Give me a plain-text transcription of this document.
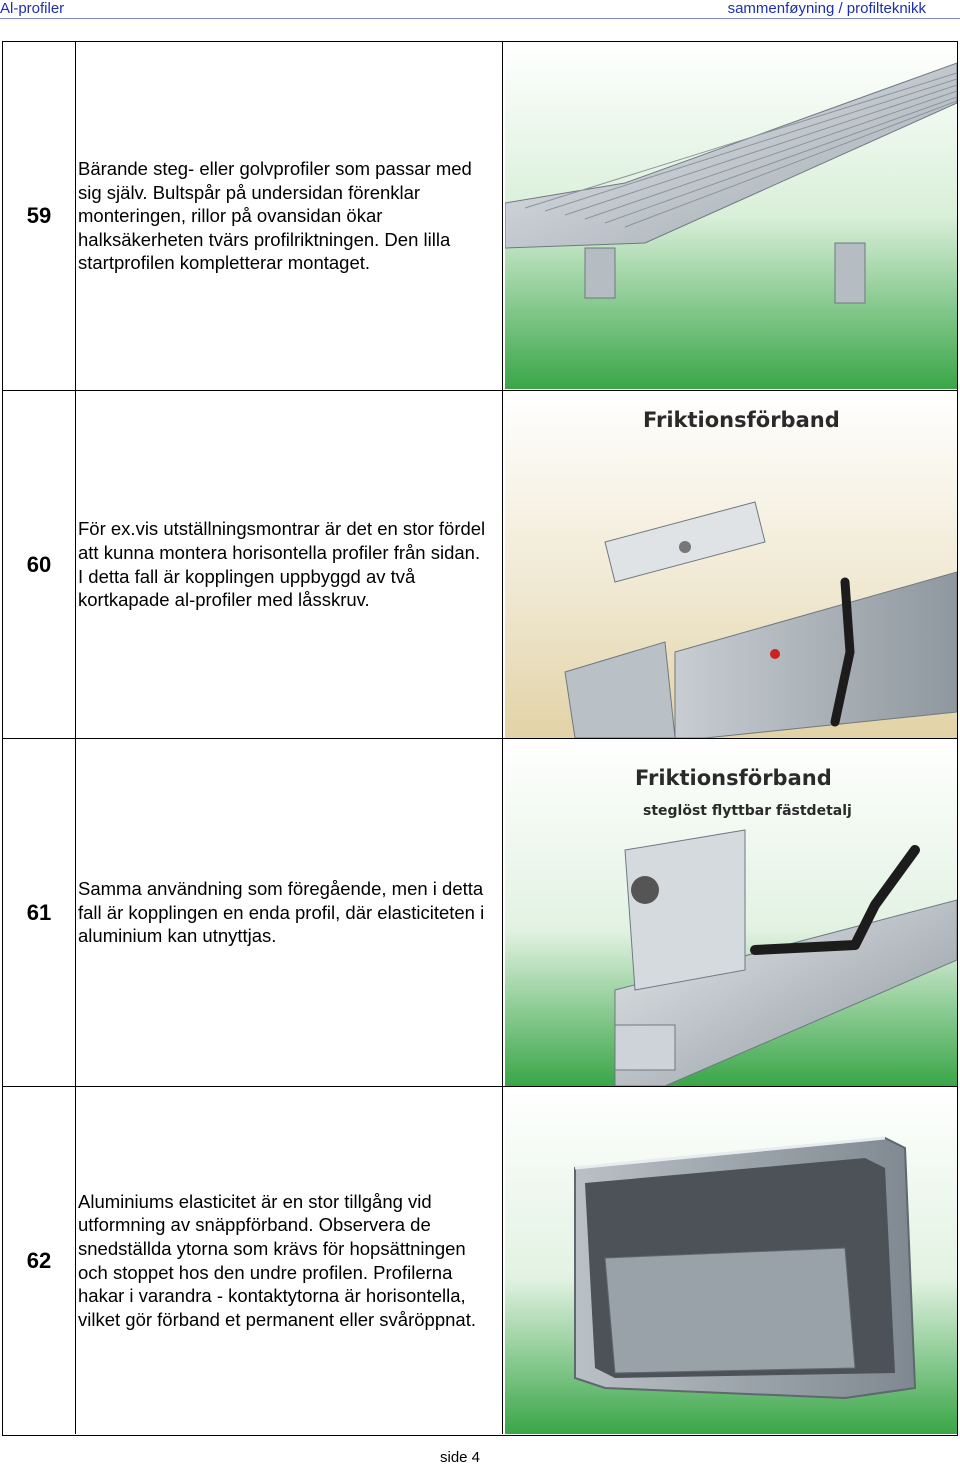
Al-profiler	sammenføyning / profilteknikk
59
Bärande steg- eller golvprofiler som passar med sig själv. Bultspår på undersidan förenklar monteringen, rillor på ovansidan ökar halksäkerheten tvärs profilriktningen. Den lilla startprofilen kompletterar montaget.
60
För ex.vis utställningsmontrar är det en stor fördel att kunna montera horisontella profiler från sidan. I detta fall är kopplingen uppbyggd av två kortkapade al-profiler med låsskruv.
Friktionsförband
61
Samma användning som föregående, men i detta fall är kopplingen en enda profil, där elasticiteten i aluminium kan utnyttjas.
Friktionsförband
steglöst flyttbar fästdetalj
62
Aluminiums elasticitet är en stor tillgång vid utformning av snäppförband. Observera de snedställda ytorna som krävs för hopsättningen och stoppet hos den undre profilen. Profilerna hakar i varandra - kontaktytorna är horisontella, vilket gör förband et permanent eller svåröppnat.
side 4
